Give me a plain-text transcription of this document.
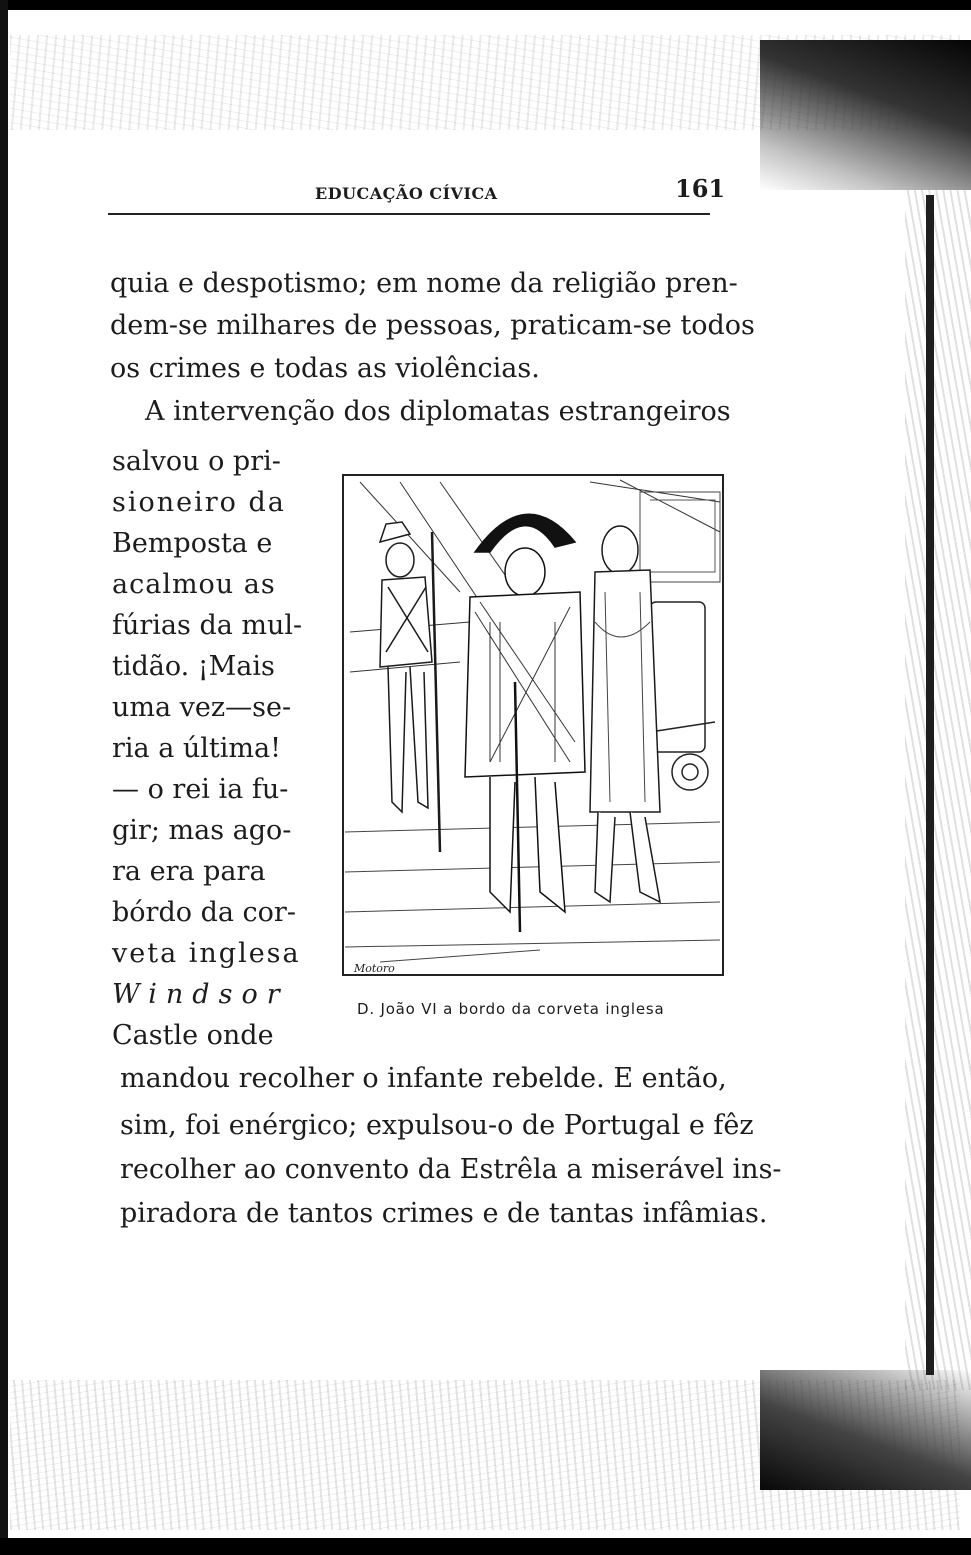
EDUCAÇÃO CÍVICA	161
quia e despotismo; em nome da religião pren-
dem-se milhares de pessoas, praticam-se todos
os crimes e todas as violências.
A intervenção dos diplomatas estrangeiros
salvou o pri-
sioneiro da
Bemposta e
acalmou as
fúrias da mul-
tidão. ¡Mais
uma vez—se-
ria a última!
— o rei ia fu-
gir; mas ago-
ra era para
bórdo da cor-
veta inglesa
Windsor
Castle onde
mandou recolher o infante rebelde. E então,
sim, foi enérgico; expulsou-o de Portugal e fêz
recolher ao convento da Estrêla a miserável ins-
piradora de tantos crimes e de tantas infâmias.
Motoro
D. João VI a bordo da corveta inglesa
